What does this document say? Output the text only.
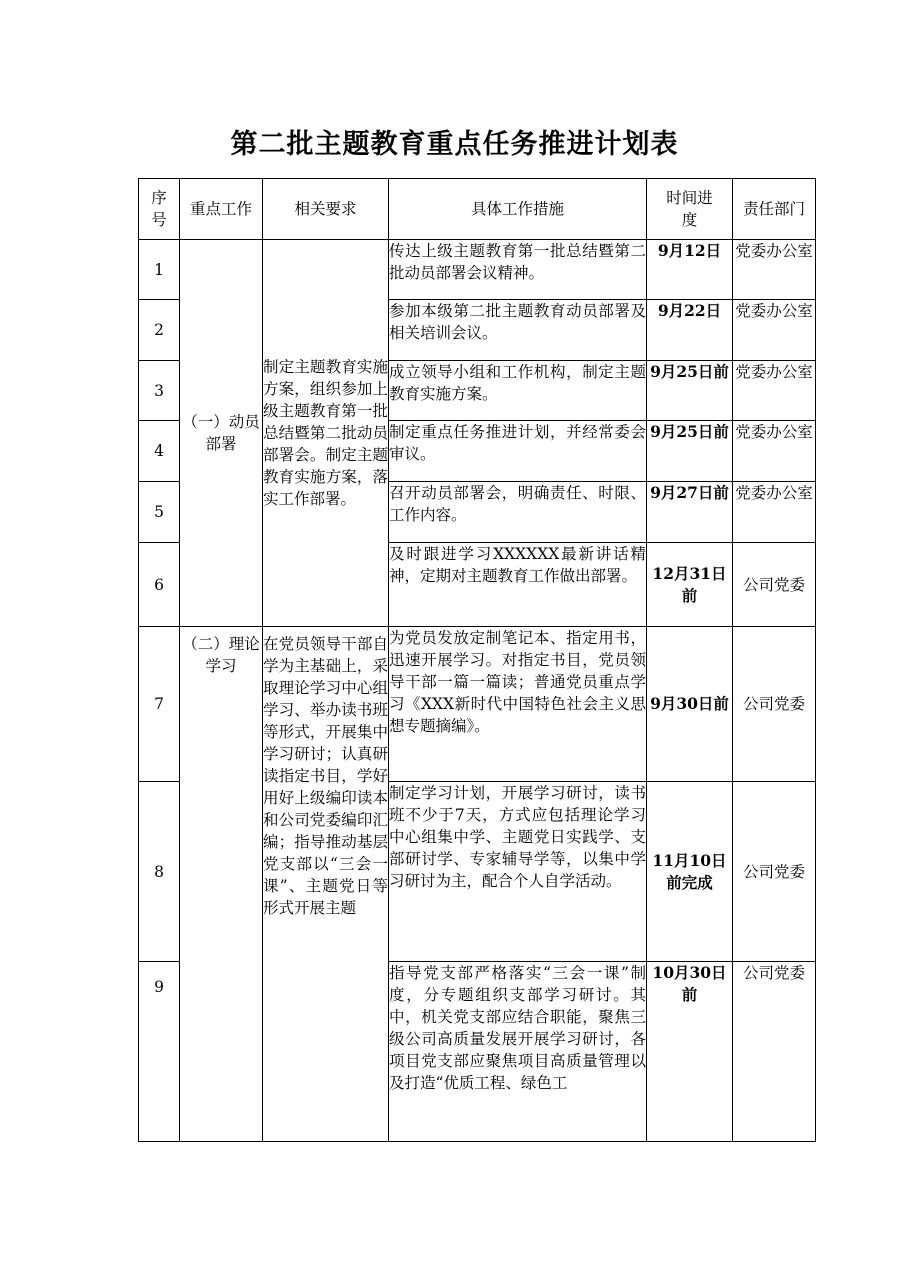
第二批主题教育重点任务推进计划表
序号	重点工作	相关要求	具体工作措施	时间进度	责任部门
1	（一）动员部署	制定主题教育实施方案，组织参加上级主题教育第一批总结暨第二批动员部署会。制定主题教育实施方案，落实工作部署。	传达上级主题教育第一批总结暨第二批动员部署会议精神。	9月12日	党委办公室
2			参加本级第二批主题教育动员部署及相关培训会议。	9月22日	党委办公室
3			成立领导小组和工作机构，制定主题教育实施方案。	9月25日前	党委办公室
4			制定重点任务推进计划，并经常委会审议。	9月25日前	党委办公室
5			召开动员部署会，明确责任、时限、工作内容。	9月27日前	党委办公室
6			及时跟进学习XXXXXX最新讲话精神，定期对主题教育工作做出部署。	12月31日前	公司党委
7	（二）理论学习	在党员领导干部自学为主基础上，采取理论学习中心组学习、举办读书班等形式，开展集中学习研讨；认真研读指定书目，学好用好上级编印读本和公司党委编印汇编；指导推动基层党支部以“三会一课”、主题党日等形式开展主题	为党员发放定制笔记本、指定用书，迅速开展学习。对指定书目，党员领导干部一篇一篇读；普通党员重点学习《XXX新时代中国特色社会主义思想专题摘编》。	9月30日前	公司党委
8			制定学习计划，开展学习研讨，读书班不少于7天，方式应包括理论学习中心组集中学、主题党日实践学、支部研讨学、专家辅导学等，以集中学习研讨为主，配合个人自学活动。	11月10日前完成	公司党委
9			指导党支部严格落实“三会一课”制度，分专题组织支部学习研讨。其中，机关党支部应结合职能，聚焦三级公司高质量发展开展学习研讨，各项目党支部应聚焦项目高质量管理以及打造“优质工程、绿色工	10月30日前	公司党委
